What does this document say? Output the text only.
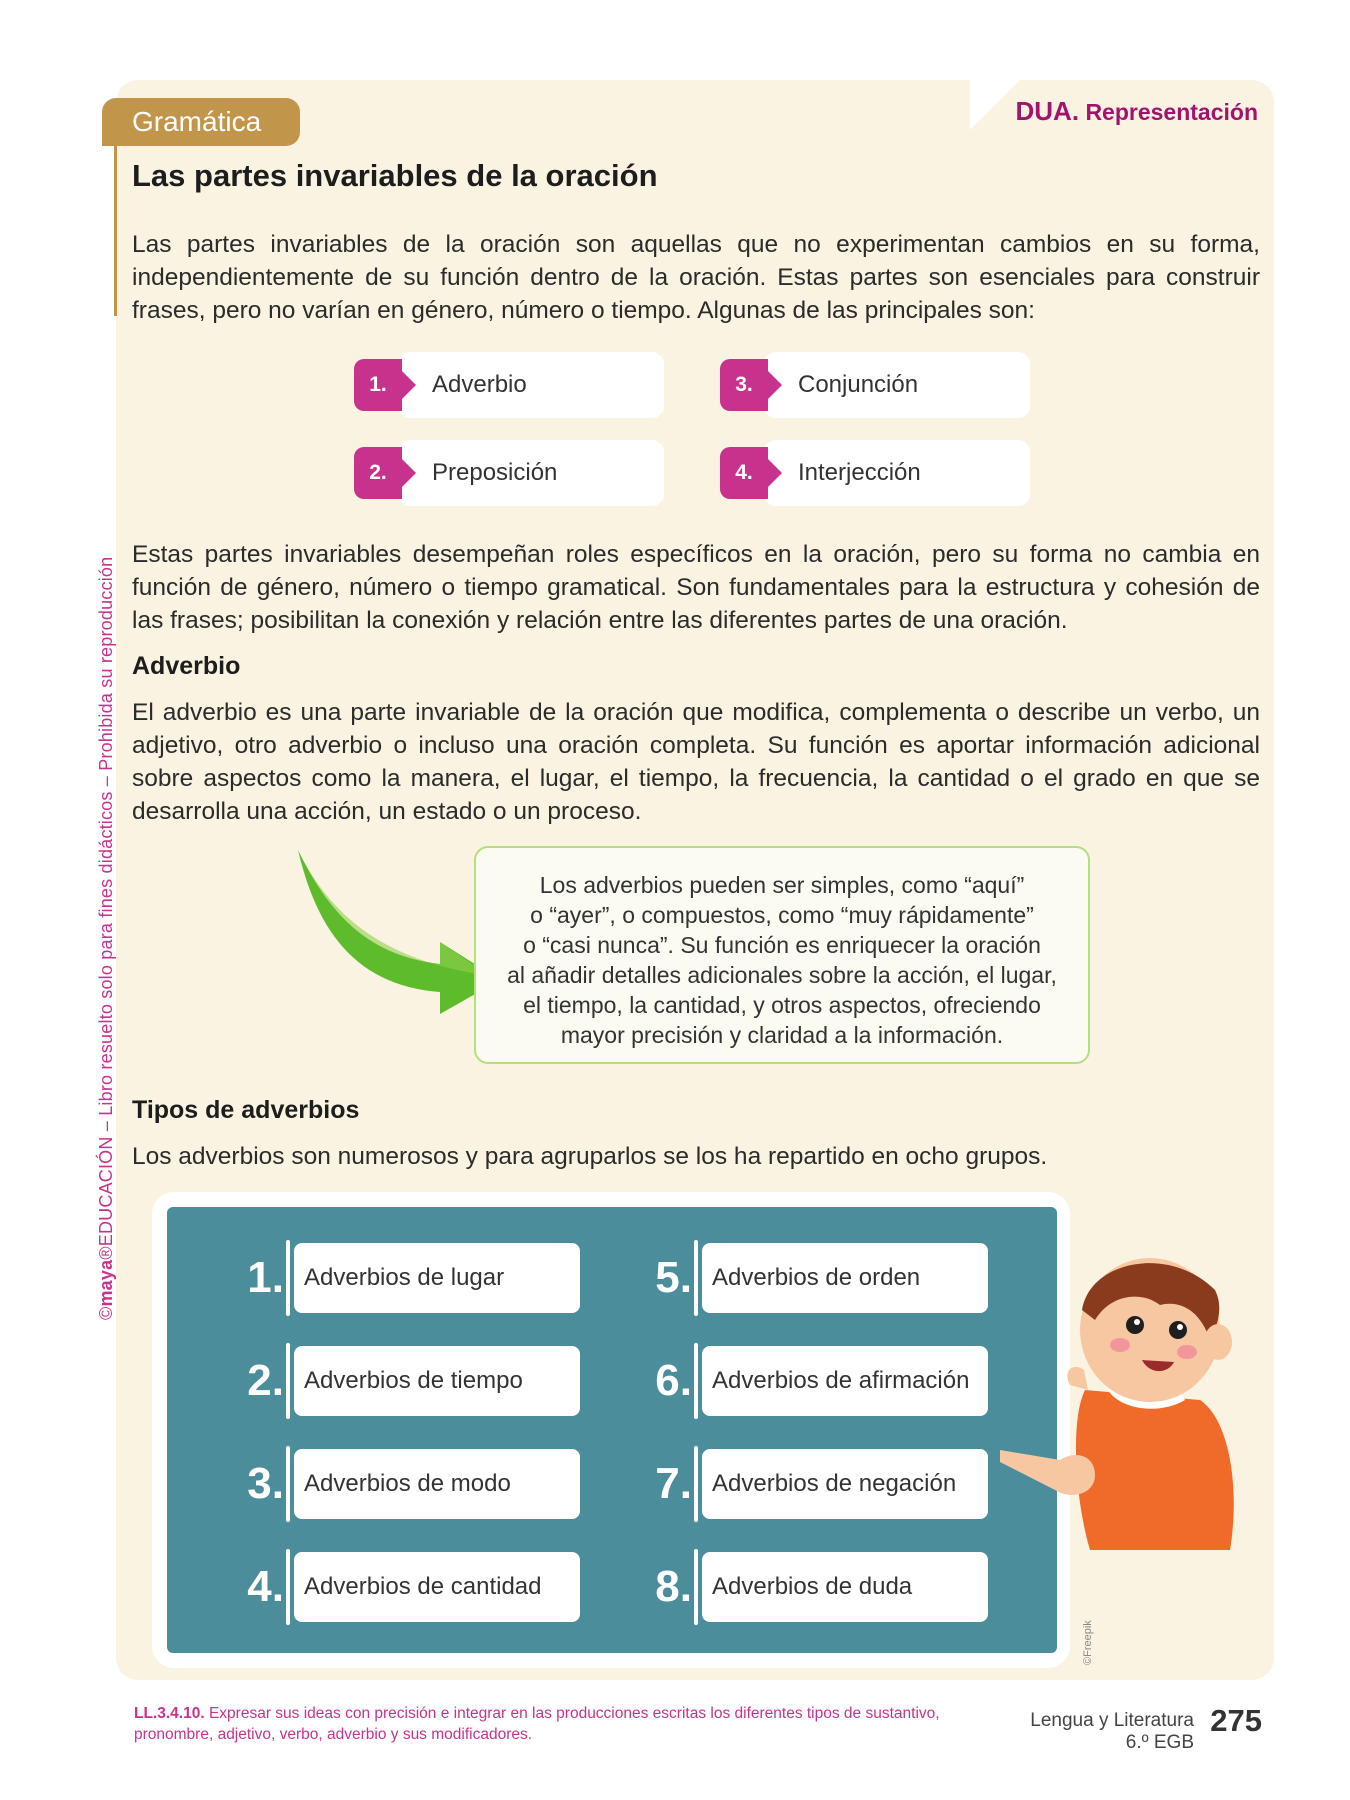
Gramática	DUA. Representación
©maya®EDUCACIÓN – Libro resuelto solo para fines didácticos – Prohibida su reproducción
Las partes invariables de la oración

Las partes invariables de la oración son aquellas que no experimentan cambios en su forma, independientemente de su función dentro de la oración. Estas partes son esenciales para construir frases, pero no varían en género, número o tiempo. Algunas de las principales son:

Adverbio
1.
Preposición
2.
Conjunción
3.
Interjección
4.

Estas partes invariables desempeñan roles específicos en la oración, pero su forma no cambia en función de género, número o tiempo gramatical. Son fundamentales para la estructura y cohesión de las frases; posibilitan la conexión y relación entre las diferentes partes de una oración.

Adverbio

El adverbio es una parte invariable de la oración que modifica, complementa o describe un verbo, un adjetivo, otro adverbio o incluso una oración completa. Su función es aportar información adicional sobre aspectos como la manera, el lugar, el tiempo, la frecuencia, la cantidad o el grado en que se desarrolla una acción, un estado o un proceso.

Los adverbios pueden ser simples, como “aquí”
o “ayer”, o compuestos, como “muy rápidamente”
o “casi nunca”. Su función es enriquecer la oración
al añadir detalles adicionales sobre la acción, el lugar,
el tiempo, la cantidad, y otros aspectos, ofreciendo
mayor precisión y claridad a la información.
Tipos de adverbios

Los adverbios son numerosos y para agruparlos se los ha repartido en ocho grupos.

1. Adverbios de lugar
2. Adverbios de tiempo
3. Adverbios de modo
4. Adverbios de cantidad
5. Adverbios de orden
6. Adverbios de afirmación
7. Adverbios de negación
8. Adverbios de duda
©Freepik
LL.3.4.10. Expresar sus ideas con precisión e integrar en las producciones escritas los diferentes tipos de sustantivo, pronombre, adjetivo, verbo, adverbio y sus modificadores.
Lengua y Literatura
6.º EGB
275
